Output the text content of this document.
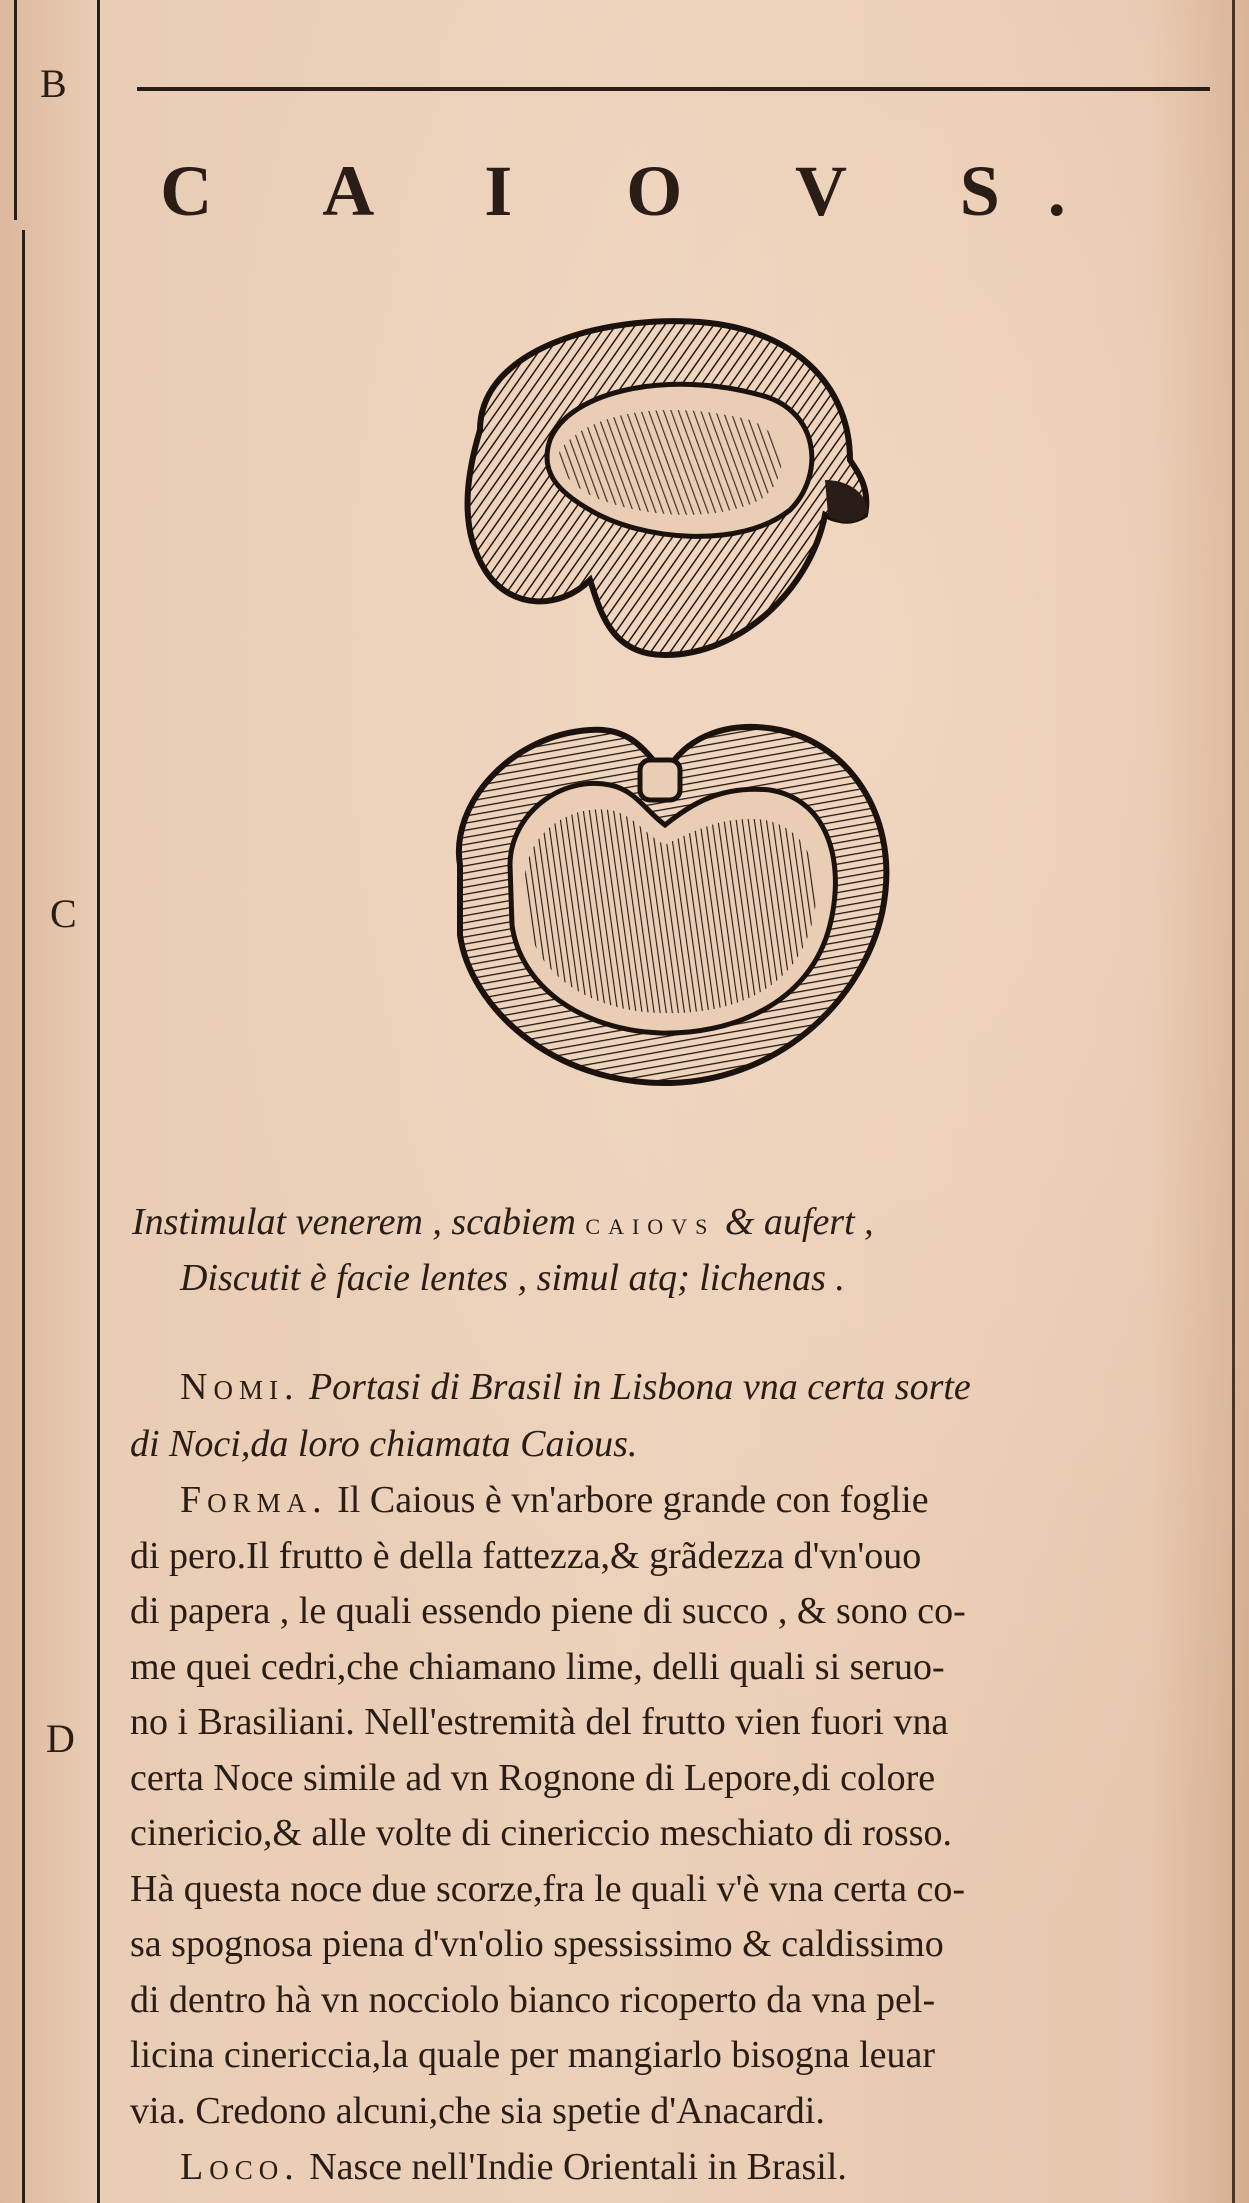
B
C
D
C A I O V S.
Instimulat venerem , scabiem caiovs & aufert ,
Discutit è facie lentes , simul atq; lichenas .
Nomi. Portasi di Brasil in Lisbona vna certa sorte
di Noci,da loro chiamata Caious.
Forma. Il Caious è vn'arbore grande con foglie
di pero.Il frutto è della fattezza,& grãdezza d'vn'ouo
di papera , le quali essendo piene di succo , & sono co-
me quei cedri,che chiamano lime, delli quali si seruo-
no i Brasiliani. Nell'estremità del frutto vien fuori vna
certa Noce simile ad vn Rognone di Lepore,di colore
cinericio,& alle volte di cinericcio meschiato di rosso.
Hà questa noce due scorze,fra le quali v'è vna certa co-
sa spognosa piena d'vn'olio spessissimo & caldissimo
di dentro hà vn nocciolo bianco ricoperto da vna pel-
licina cinericcia,la quale per mangiarlo bisogna leuar
via. Credono alcuni,che sia spetie d'Anacardi.
Loco. Nasce nell'Indie Orientali in Brasil.
